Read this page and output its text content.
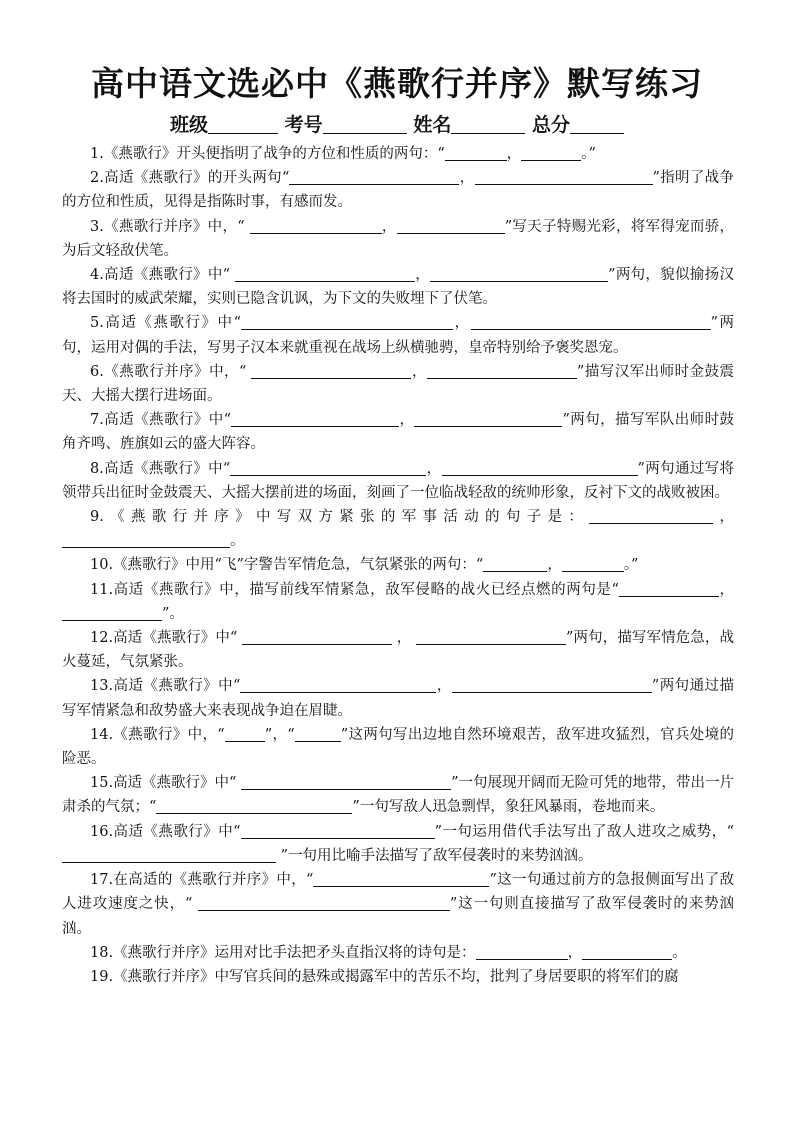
高中语文选必中《燕歌行并序》默写练习
班级	考号	姓名	总分

1.《燕歌行》开头便指明了战争的方位和性质的两句：“	，	。”

2.高适《燕歌行》的开头两句“	，	”指明了战争的方位和性质，见得是指陈时事，有感而发。

3.《燕歌行并序》中，“	，	”写天子特赐光彩，将军得宠而骄，为后文轻敌伏笔。

4.高适《燕歌行》中“	，	”两句，貌似揄扬汉将去国时的威武荣耀，实则已隐含讥讽，为下文的失败埋下了伏笔。

5.高适《燕歌行》中“	，	”两句，运用对偶的手法，写男子汉本来就重视在战场上纵横驰骋，皇帝特别给予褒奖恩宠。

6.《燕歌行并序》中，“	，	”描写汉军出师时金鼓震天、大摇大摆行进场面。

7.高适《燕歌行》中“	，	”两句，描写军队出师时鼓角齐鸣、旌旗如云的盛大阵容。

8.高适《燕歌行》中“	，	”两句通过写将领带兵出征时金鼓震天、大摇大摆前进的场面，刻画了一位临战轻敌的统帅形象，反衬下文的战败被困。

9.《燕歌行并序》中写双方紧张的军事活动的句子是：	，。

10.《燕歌行》中用“飞”字警告军情危急，气氛紧张的两句：“	，	。”

11.高适《燕歌行》中，描写前线军情紧急，敌军侵略的战火已经点燃的两句是“	，”。

12.高适《燕歌行》中“	，	”两句，描写军情危急，战火蔓延，气氛紧张。

13.高适《燕歌行》中“	，	”两句通过描写军情紧急和敌势盛大来表现战争迫在眉睫。

14.《燕歌行》中，“	”，“	”这两句写出边地自然环境艰苦，敌军进攻猛烈，官兵处境的险恶。

15.高适《燕歌行》中“	”一句展现开阔而无险可凭的地带，带出一片肃杀的气氛；“	”一句写敌人迅急剽悍，象狂风暴雨，卷地而来。

16.高适《燕歌行》中“	”一句运用借代手法写出了敌人进攻之威势，“ ”一句用比喻手法描写了敌军侵袭时的来势汹汹。

17.在高适的《燕歌行并序》中，“	”这一句通过前方的急报侧面写出了敌人进攻速度之快，“	”这一句则直接描写了敌军侵袭时的来势汹汹。

18.《燕歌行并序》运用对比手法把矛头直指汉将的诗句是：	，	。

19.《燕歌行并序》中写官兵间的悬殊或揭露军中的苦乐不均，批判了身居要职的将军们的腐
